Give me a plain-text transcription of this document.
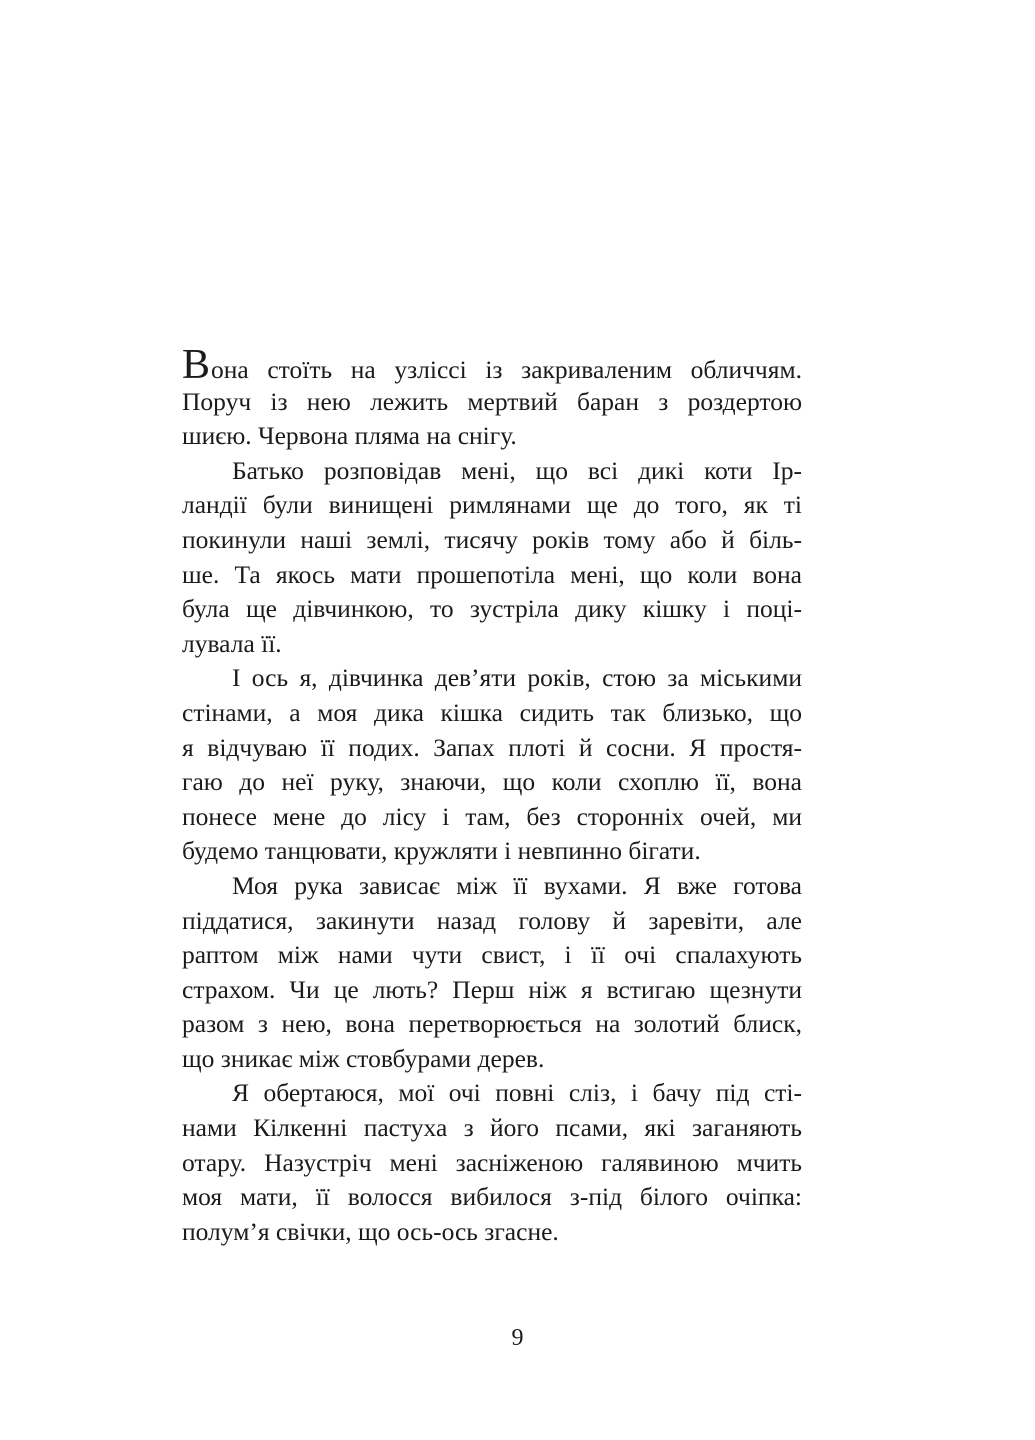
Вона стоїть на узліссі із закриваленим обличчям.
Поруч із нею лежить мертвий баран з роздертою
шиєю. Червона пляма на снігу.
Батько розповідав мені, що всі дикі коти Ір-
ландії були винищені римлянами ще до того, як ті
покинули наші землі, тисячу років тому або й біль-
ше. Та якось мати прошепотіла мені, що коли вона
була ще дівчинкою, то зустріла дику кішку і поці-
лувала її.
І ось я, дівчинка дев’яти років, стою за міськими
стінами, а моя дика кішка сидить так близько, що
я відчуваю її подих. Запах плоті й сосни. Я простя-
гаю до неї руку, знаючи, що коли схоплю її, вона
понесе мене до лісу і там, без сторонніх очей, ми
будемо танцювати, кружляти і невпинно бігати.
Моя рука зависає між її вухами. Я вже готова
піддатися, закинути назад голову й заревіти, але
раптом між нами чути свист, і її очі спалахують
страхом. Чи це лють? Перш ніж я встигаю щезнути
разом з нею, вона перетворюється на золотий блиск,
що зникає між стовбурами дерев.
Я обертаюся, мої очі повні сліз, і бачу під сті-
нами Кілкенні пастуха з його псами, які заганяють
отару. Назустріч мені засніженою галявиною мчить
моя мати, її волосся вибилося з-під білого очіпка:
полум’я свічки, що ось-ось згасне.
9
